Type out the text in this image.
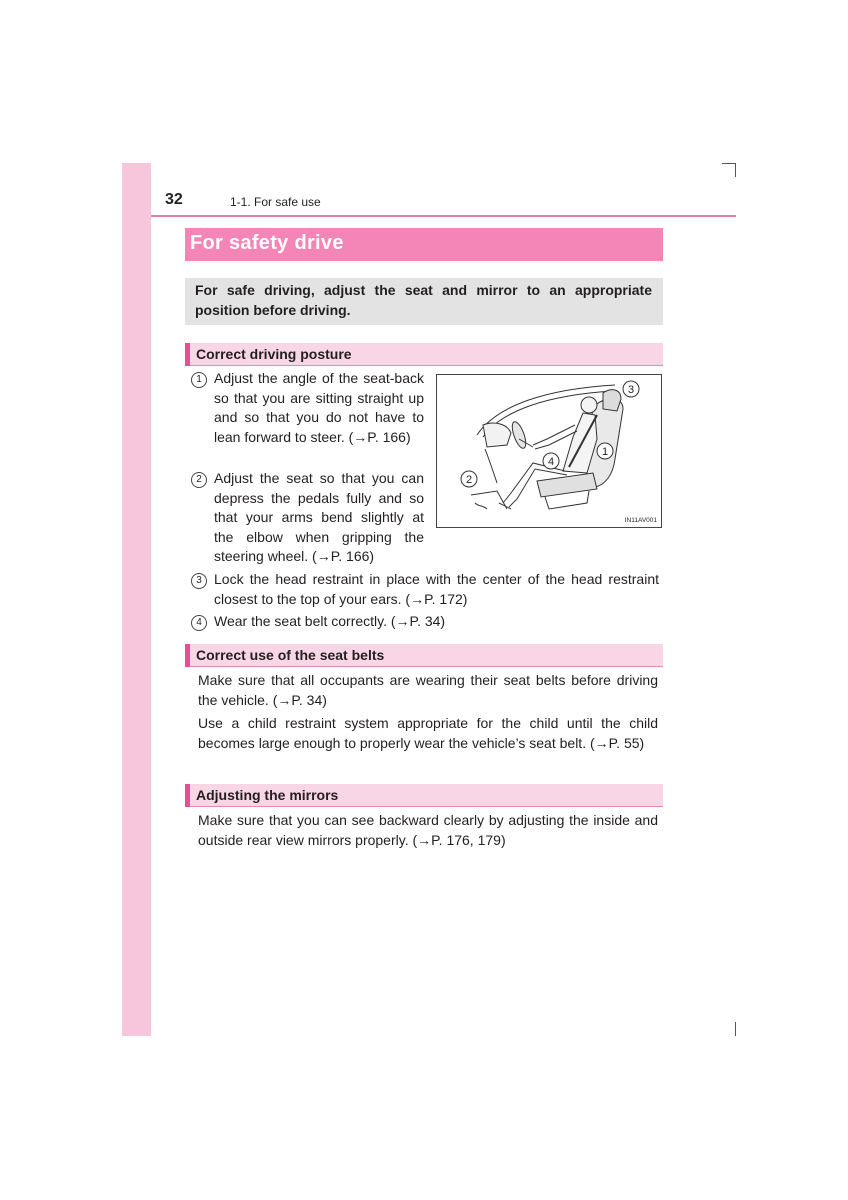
32	1-1. For safe use
For safety drive
For safe driving, adjust the seat and mirror to an appropriate position before driving.
Correct driving posture
1 Adjust the angle of the seat-back so that you are sitting straight up and so that you do not have to lean forward to steer. (→P. 166)
2 Adjust the seat so that you can depress the pedals fully and so that your arms bend slightly at the elbow when gripping the steering wheel. (→P. 166)
3 Lock the head restraint in place with the center of the head restraint closest to the top of your ears. (→P. 172)
4 Wear the seat belt correctly. (→P. 34)
3
1
4
2
IN11AV001
Correct use of the seat belts
Make sure that all occupants are wearing their seat belts before driving the vehicle. (→P. 34)
Use a child restraint system appropriate for the child until the child becomes large enough to properly wear the vehicle’s seat belt. (→P. 55)
Adjusting the mirrors
Make sure that you can see backward clearly by adjusting the inside and outside rear view mirrors properly. (→P. 176, 179)
